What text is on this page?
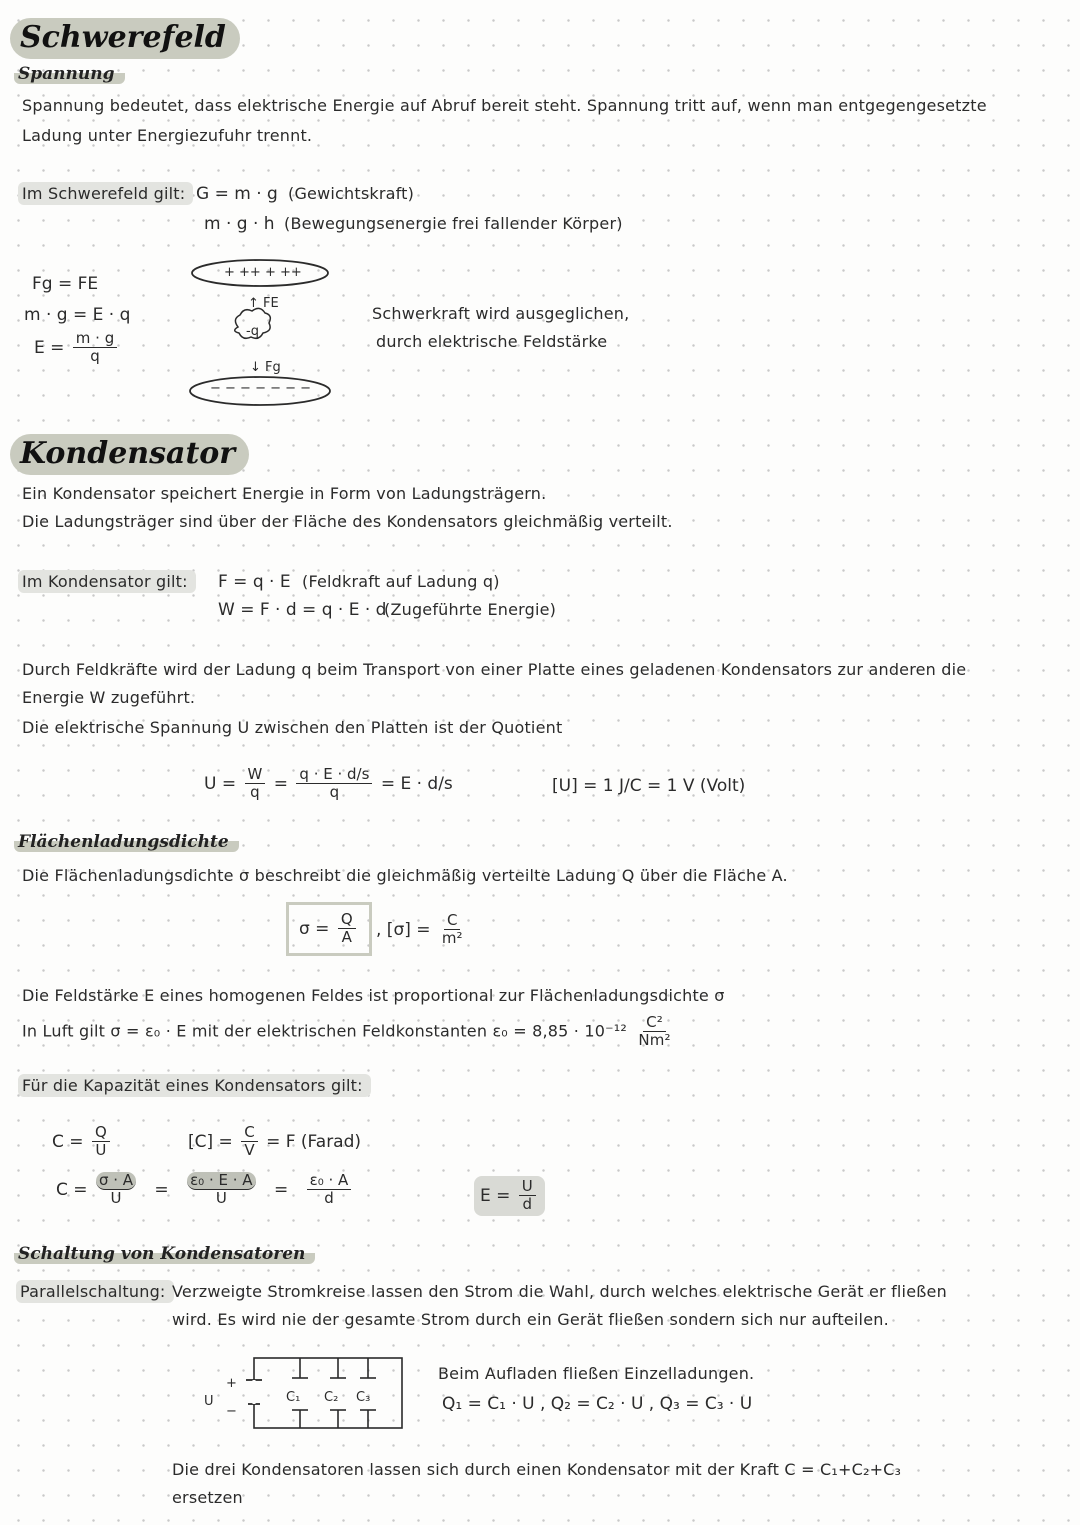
Schwerefeld
Spannung
Spannung bedeutet, dass elektrische Energie auf Abruf bereit steht. Spannung tritt auf, wenn man entgegengesetzte
Ladung unter Energiezufuhr trennt.
Im Schwerefeld gilt: G = m · g (Gewichtskraft)
m · g · h (Bewegungsenergie frei fallender Körper)
Fg = FE
m · g = E · q
$E = \frac{m \cdot g}{q}$
+ ++ + ++
− − − − − − −
↑ FE
-q
↓ Fg
Schwerkraft wird ausgeglichen,
durch elektrische Feldstärke
Kondensator
Ein Kondensator speichert Energie in Form von Ladungsträgern.
Die Ladungsträger sind über der Fläche des Kondensators gleichmäßig verteilt.
Im Kondensator gilt:	F = q · E (Feldkraft auf Ladung q)
W = F · d = q · E · d
(Zugeführte Energie)
Durch Feldkräfte wird der Ladung q beim Transport von einer Platte eines geladenen Kondensators zur anderen die
Energie W zugeführt.
Die elektrische Spannung U zwischen den Platten ist der Quotient
$U = \frac{W}{q} = \frac{q \cdot E \cdot d/s}{q} = E \cdot d/s$	[U] = 1 J/C = 1 V (Volt)
Flächenladungsdichte
Die Flächenladungsdichte σ beschreibt die gleichmäßig verteilte Ladung Q über die Fläche A.
$\sigma = \frac{Q}{A}$ , $[\sigma] = \frac{C}{\text{m²}}$
Die Feldstärke E eines homogenen Feldes ist proportional zur Flächenladungsdichte σ
In Luft gilt σ = ε₀ · E mit der elektrischen Feldkonstanten $\varepsilon_0 = 8,85 \cdot 10^{-12} \frac{\text{C²}}{\text{Nm²}}$
Für die Kapazität eines Kondensators gilt:
$C = \frac{Q}{U}$	$[C] = \frac{C}{V} = F$ (Farad)
$C = \frac{\sigma \cdot A}{U} = \frac{\text{ε₀ · E · A}}{U} = \frac{\text{ε₀ · A}}{d}$	$E = \frac{U}{d}$
Schaltung von Kondensatoren
Parallelschaltung: Verzweigte Stromkreise lassen den Strom die Wahl, durch welches elektrische Gerät er fließen
wird. Es wird nie der gesamte Strom durch ein Gerät fließen sondern sich nur aufteilen.
+
U
−
C₁ C₂ C₃
Beim Aufladen fließen Einzelladungen.
Q₁ = C₁ · U , Q₂ = C₂ · U , Q₃ = C₃ · U
Die drei Kondensatoren lassen sich durch einen Kondensator mit der Kraft C = C₁+C₂+C₃
ersetzen
